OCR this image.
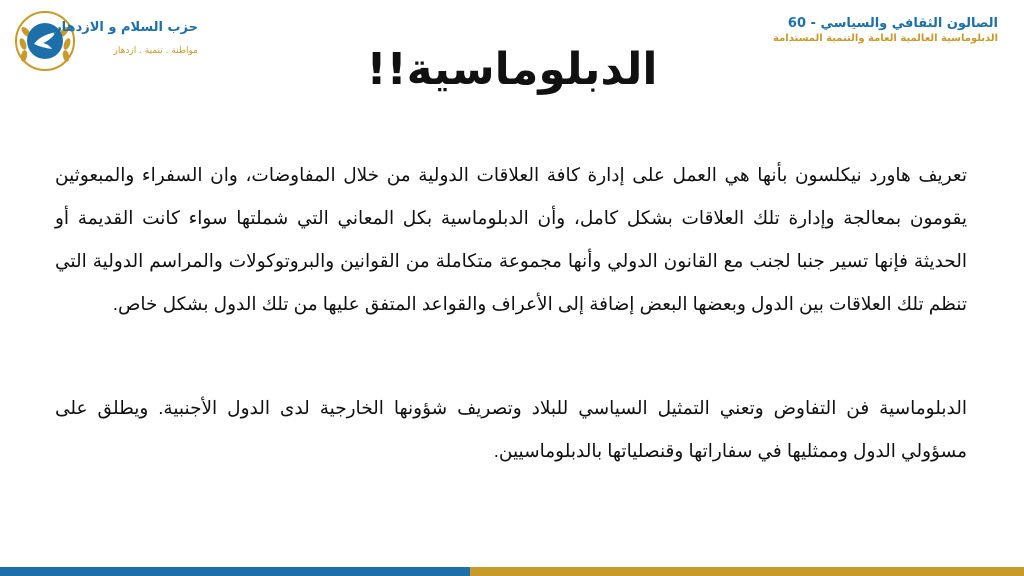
حزب السلام و الازدهار
مواطنة . تنمية . ازدهار
الصالون الثقافي والسياسي - 60
الدبلوماسية العالمية العامة والتنمية المستدامة
الدبلوماسية!!
تعريف هاورد نيكلسون بأنها هي العمل على إدارة كافة العلاقات الدولية من خلال المفاوضات، وان السفراء والمبعوثين يقومون بمعالجة وإدارة تلك العلاقات بشكل كامل، وأن الدبلوماسية بكل المعاني التي شملتها سواء كانت القديمة أو الحديثة فإنها تسير جنبا لجنب مع القانون الدولي وأنها مجموعة متكاملة من القوانين والبروتوكولات والمراسم الدولية التي تنظم تلك العلاقات بين الدول وبعضها البعض إضافة إلى الأعراف والقواعد المتفق عليها من تلك الدول بشكل خاص.
الدبلوماسية فن التفاوض وتعني التمثيل السياسي للبلاد وتصريف شؤونها الخارجية لدى الدول الأجنبية. ويطلق على مسؤولي الدول وممثليها في سفاراتها وقنصلياتها بالدبلوماسيين.
